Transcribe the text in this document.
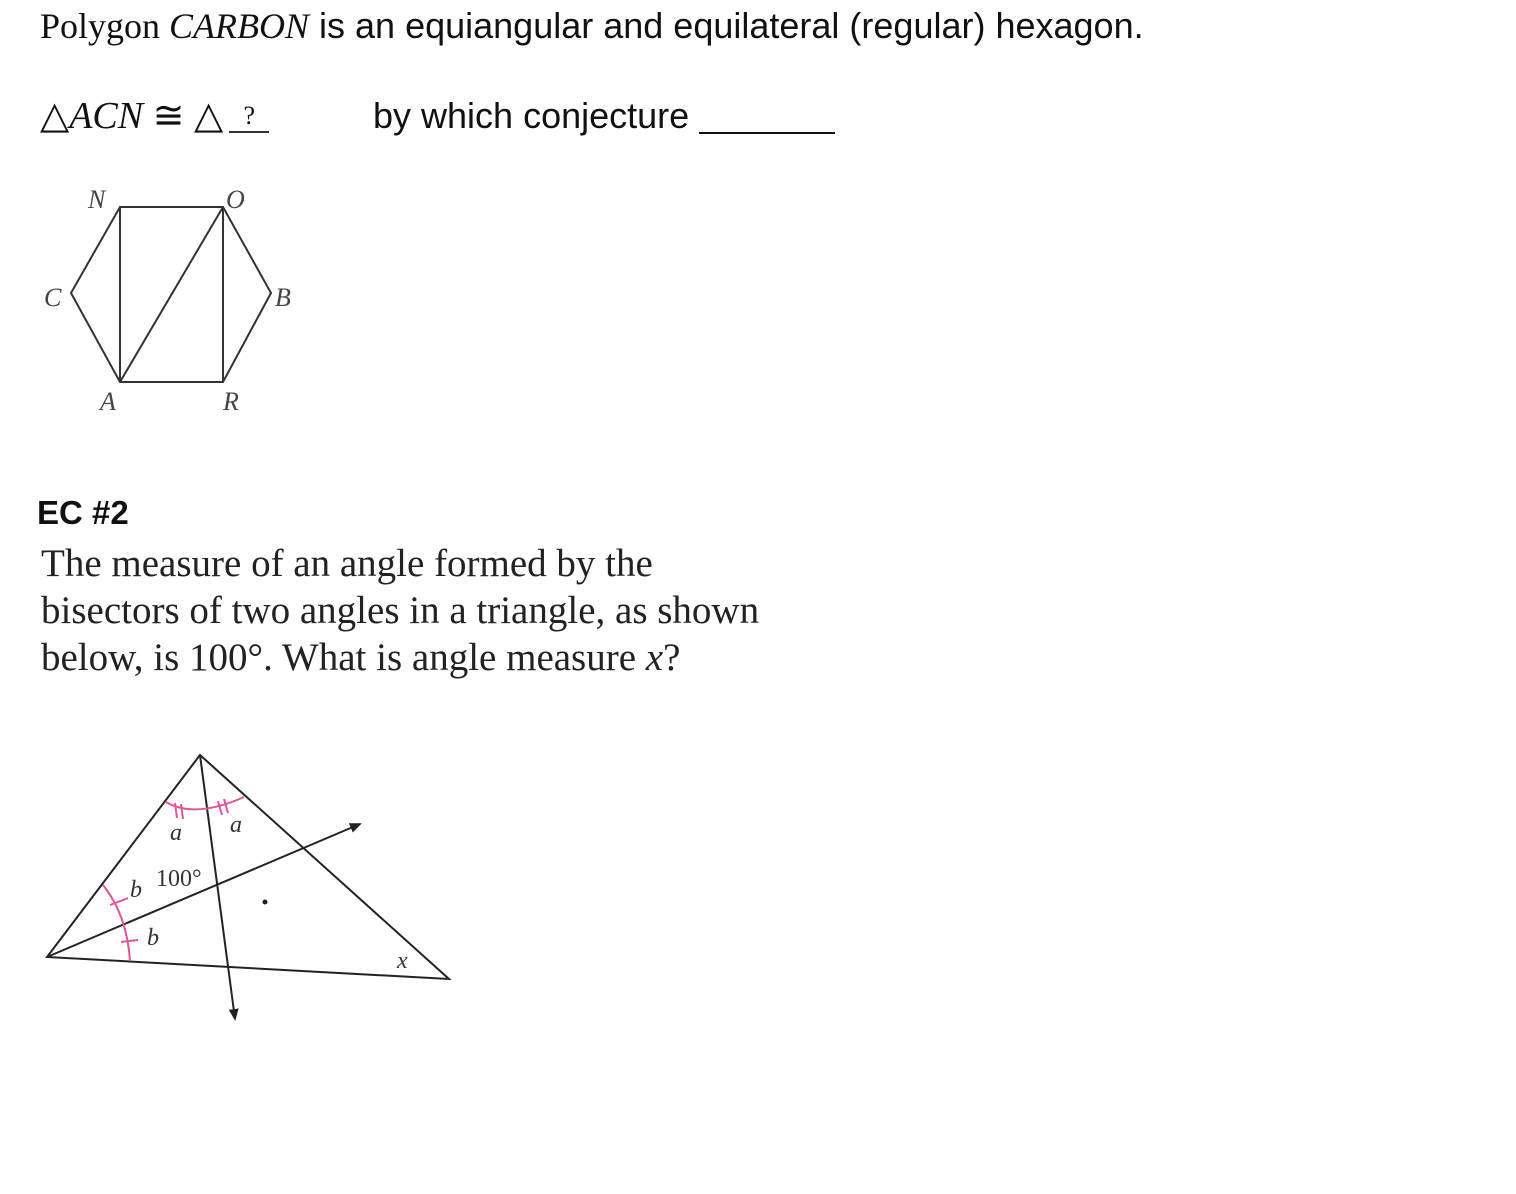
Polygon CARBON is an equiangular and equilateral (regular) hexagon.
△ACN ≅ △ ?	by which conjecture
N	O
C	B
A	R
EC #2
The measure of an angle formed by the
bisectors of two angles in a triangle, as shown
below, is 100°. What is angle measure x?
a a
b
b
100°
x
